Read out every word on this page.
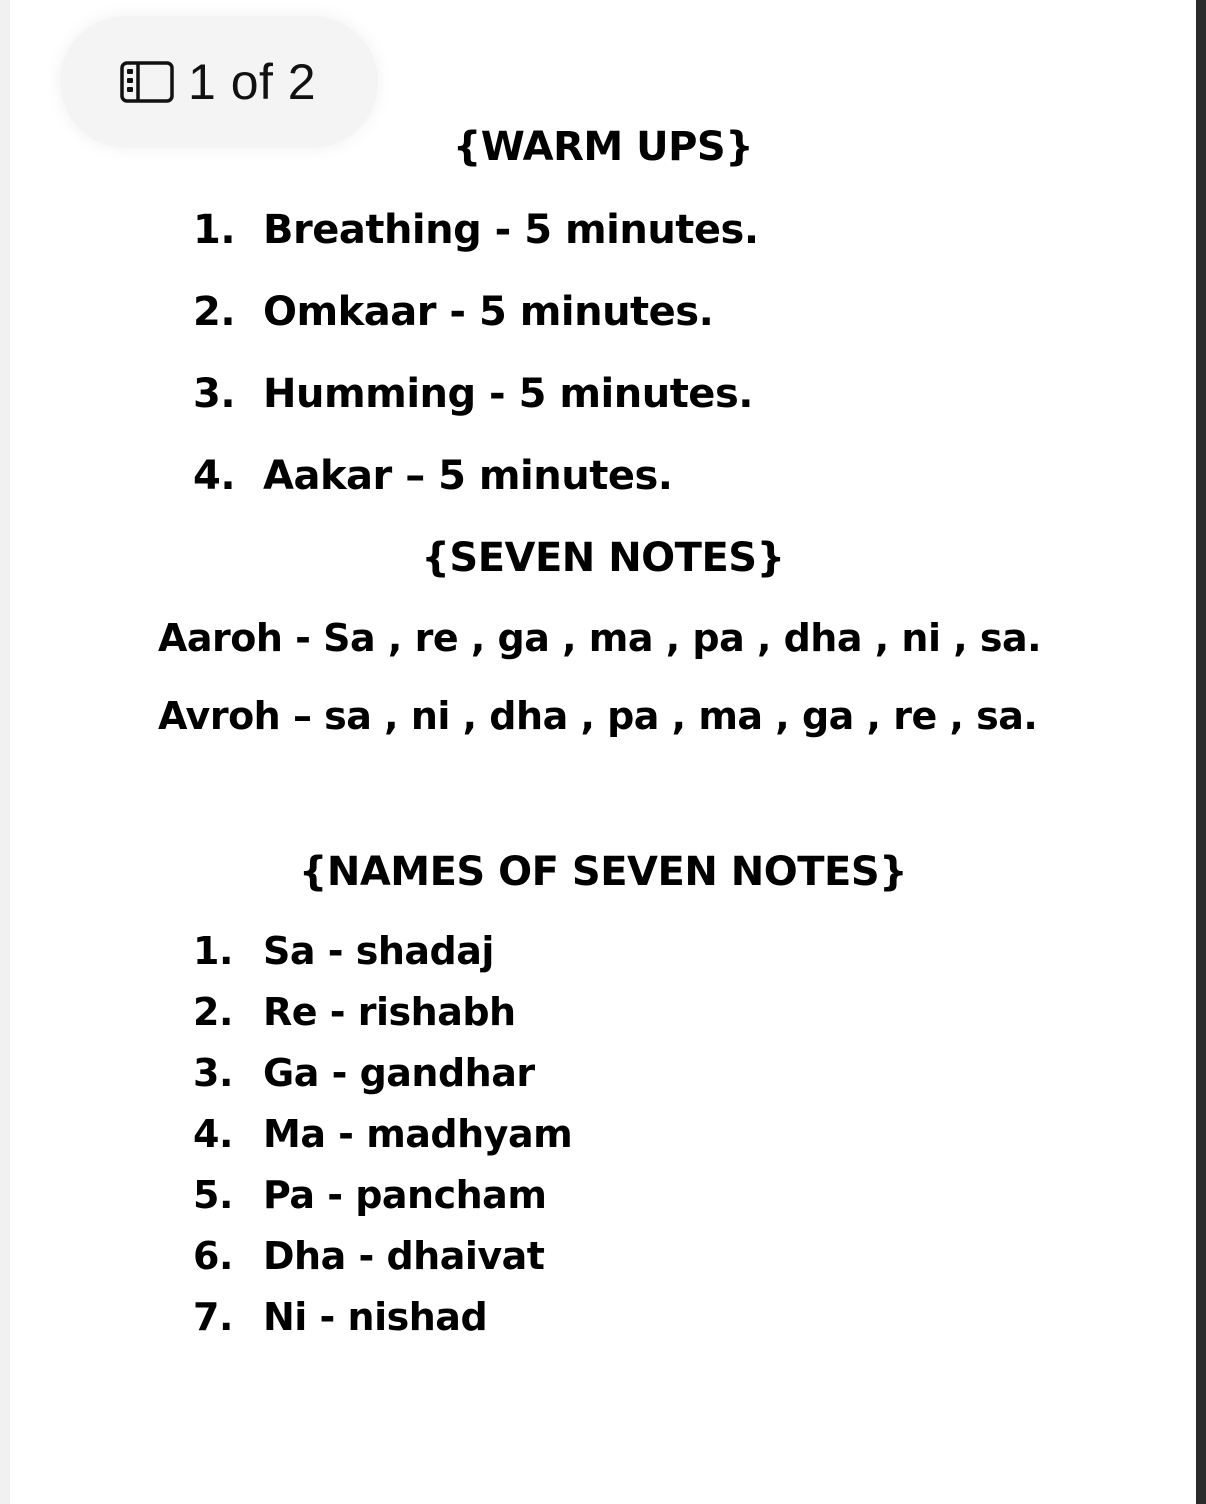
{WARM UPS}
1. Breathing - 5 minutes.
2. Omkaar - 5 minutes.
3. Humming - 5 minutes.
4. Aakar – 5 minutes.
{SEVEN NOTES}
Aaroh - Sa , re , ga , ma , pa , dha , ni , sa.
Avroh – sa , ni , dha , pa , ma , ga , re , sa.
{NAMES OF SEVEN NOTES}
1. Sa - shadaj
2. Re - rishabh
3. Ga - gandhar
4. Ma - madhyam
5. Pa - pancham
6. Dha - dhaivat
7. Ni - nishad
1 of 2
